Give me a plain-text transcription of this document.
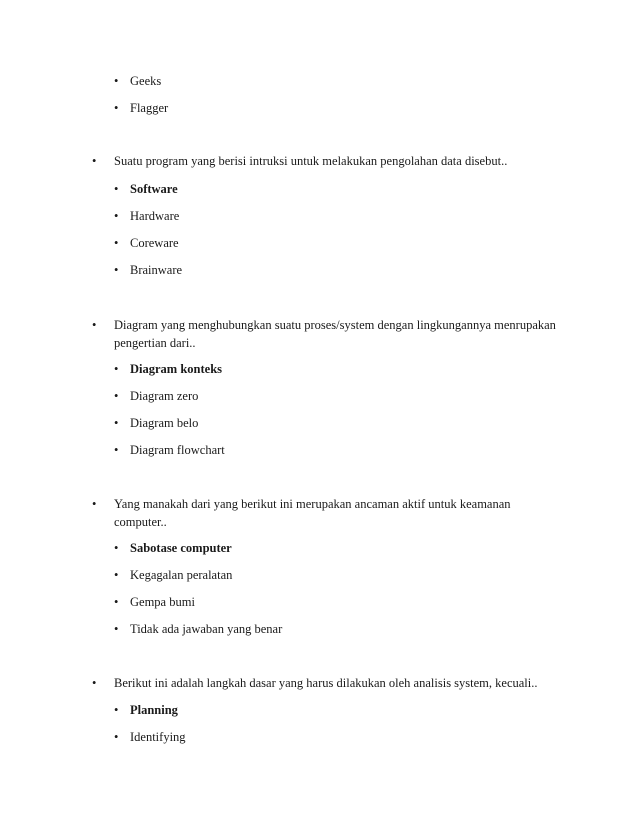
• Geeks
• Flagger
• Suatu program yang berisi intruksi untuk melakukan pengolahan data disebut..
• Software
• Hardware
• Coreware
• Brainware
• Diagram yang menghubungkan suatu proses/system dengan lingkungannya menrupakan
pengertian dari..
• Diagram konteks
• Diagram zero
• Diagram belo
• Diagram flowchart
• Yang manakah dari yang berikut ini merupakan ancaman aktif untuk keamanan
computer..
• Sabotase computer
• Kegagalan peralatan
• Gempa bumi
• Tidak ada jawaban yang benar
• Berikut ini adalah langkah dasar yang harus dilakukan oleh analisis system, kecuali..
• Planning
• Identifying
